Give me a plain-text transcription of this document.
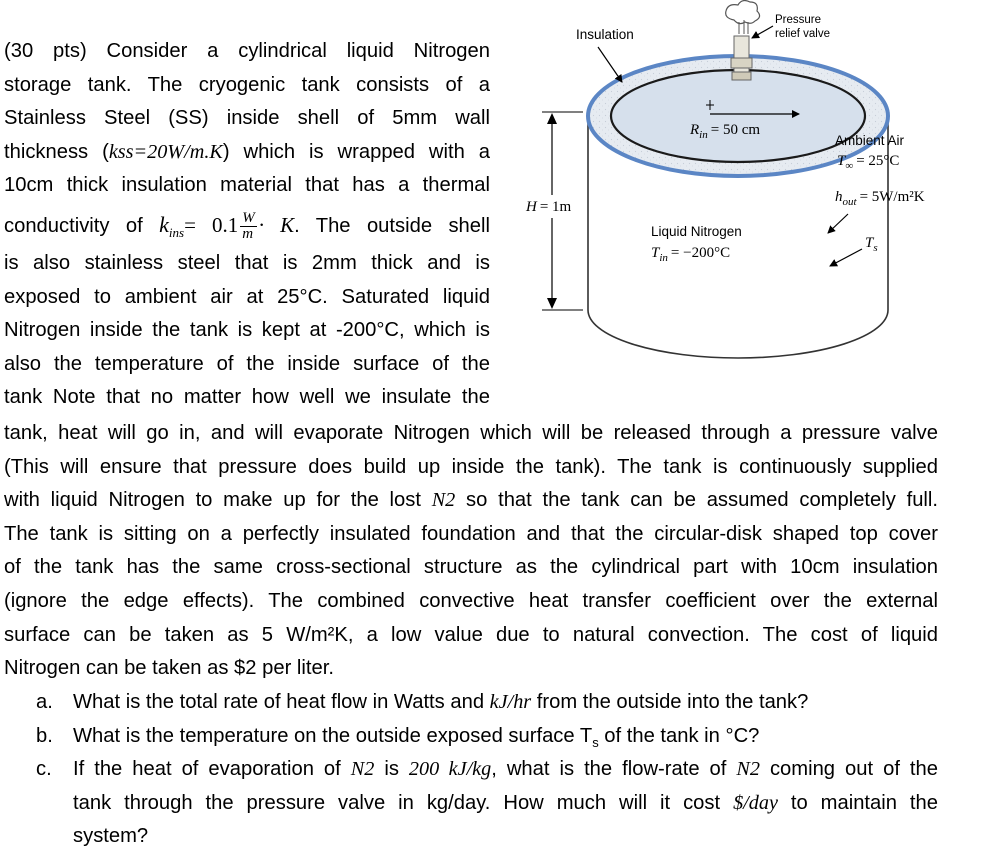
(30 pts) Consider a cylindrical liquid Nitrogen
storage tank. The cryogenic tank consists of a
Stainless Steel (SS) inside shell of 5mm wall
thickness (kss=20W/m.K) which is wrapped with a
10cm thick insulation material that has a thermal
conductivity of $k_{ins}= 0.1 \frac{W}{m} \cdot K$. The outside shell
is also stainless steel that is 2mm thick and is
exposed to ambient air at 25°C. Saturated liquid
Nitrogen inside the tank is kept at -200°C, which is
also the temperature of the inside surface of the
tank Note that no matter how well we insulate the
tank, heat will go in, and will evaporate Nitrogen which will be released through a pressure valve
(This will ensure that pressure does build up inside the tank). The tank is continuously supplied
with liquid Nitrogen to make up for the lost N2 so that the tank can be assumed completely full.
The tank is sitting on a perfectly insulated foundation and that the circular-disk shaped top cover
of the tank has the same cross-sectional structure as the cylindrical part with 10cm insulation
(ignore the edge effects). The combined convective heat transfer coefficient over the external
surface can be taken as 5 W/m²K, a low value due to natural convection. The cost of liquid
Nitrogen can be taken as $2 per liter.
a. What is the total rate of heat flow in Watts and kJ/hr from the outside into the tank?
b. What is the temperature on the outside exposed surface $T_s$ of the tank in °C?
c. If the heat of evaporation of N2 is 200 kJ/kg, what is the flow-rate of N2 coming out of the
tank through the pressure valve in kg/day. How much will it cost $/day to maintain the
system?
Insulation
Pressure
relief valve
$R_{in} = 50$ cm
H = 1m
Ambient Air
$T_\infty = 25^\circ C$
$h_{out} = 5W/m^2K$
Liquid Nitrogen
$T_{in} = -200^\circ C$
$T_s$
